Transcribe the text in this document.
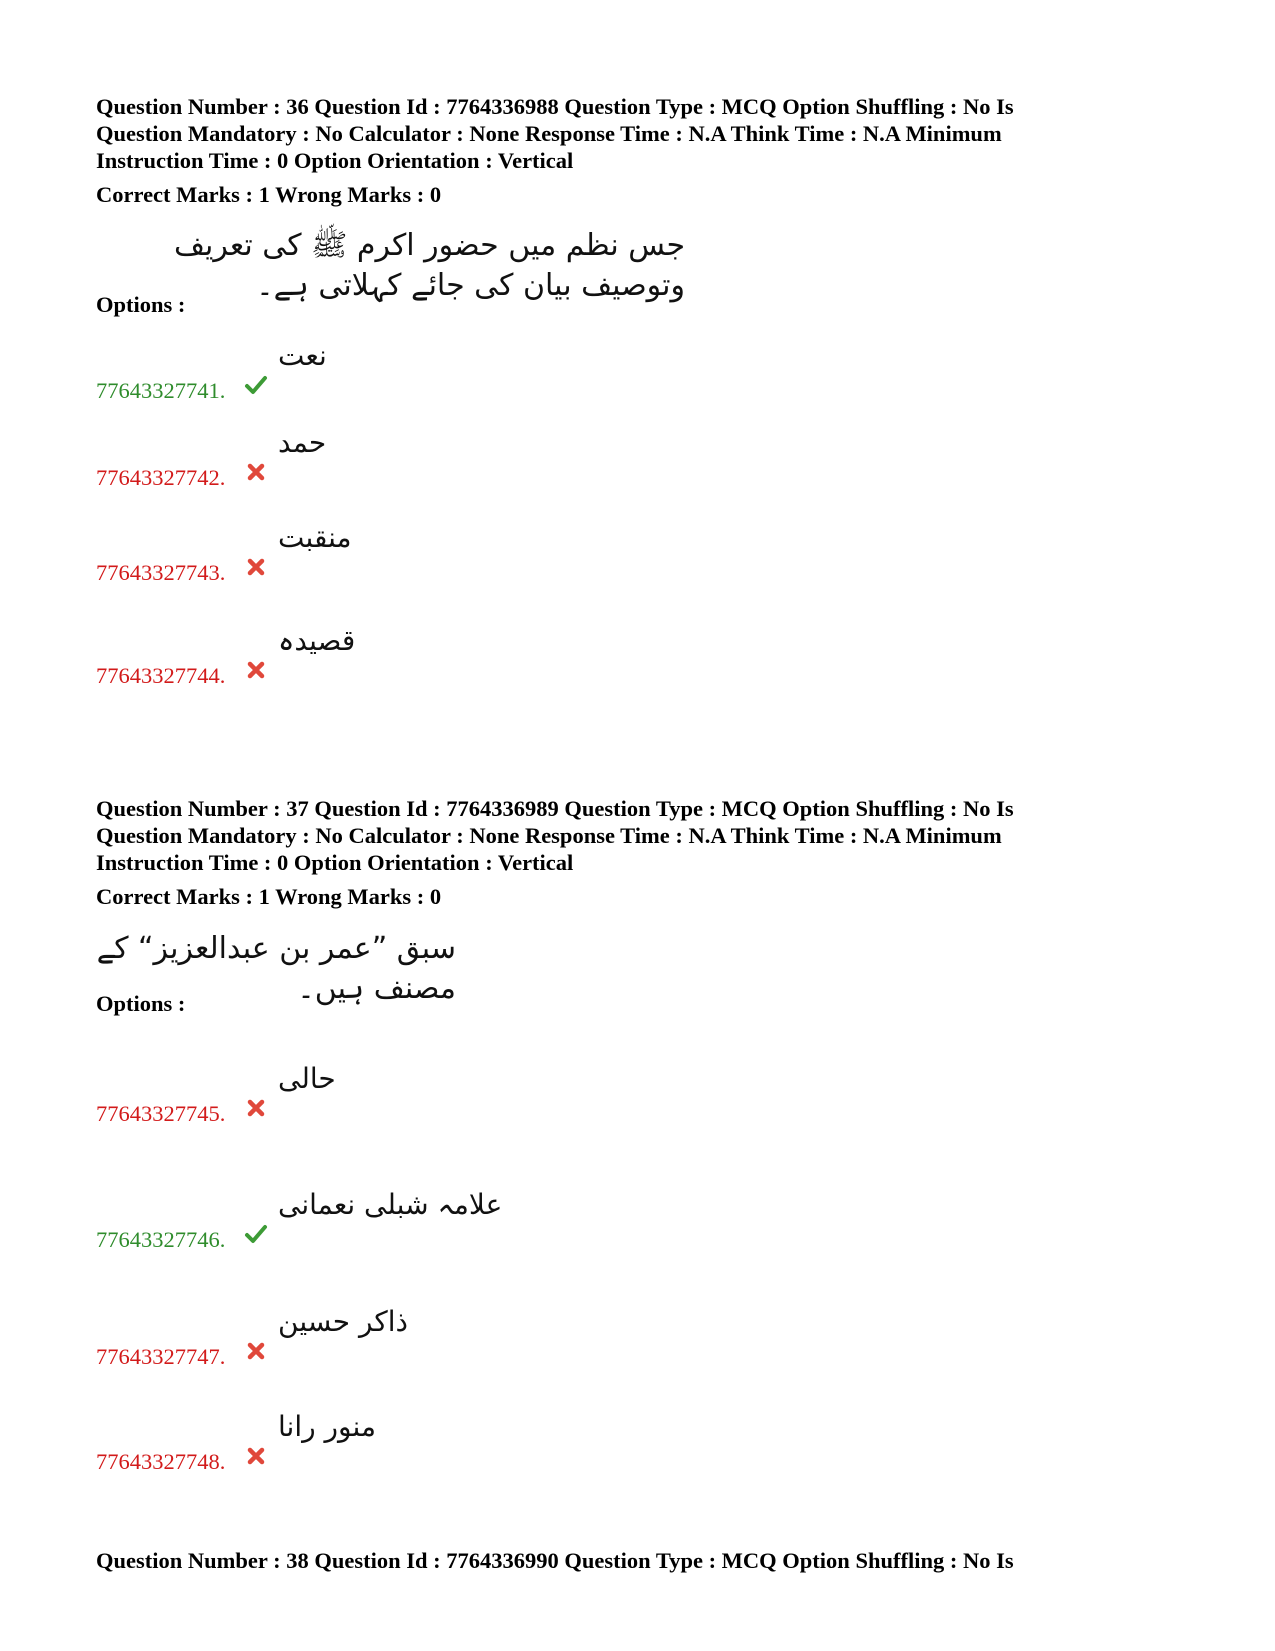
Question Number : 36 Question Id : 7764336988 Question Type : MCQ Option Shuffling : No Is
Question Mandatory : No Calculator : None Response Time : N.A Think Time : N.A Minimum
Instruction Time : 0 Option Orientation : Vertical

Correct Marks : 1 Wrong Marks : 0
جس نظم میں حضور اکرم ﷺ کی تعریف وتوصیف بیان کی جائے کہلاتی ہے۔
Options :
77643327741.
نعت
77643327742.
حمد
77643327743.
منقبت
77643327744.
قصیدہ

Question Number : 37 Question Id : 7764336989 Question Type : MCQ Option Shuffling : No Is
Question Mandatory : No Calculator : None Response Time : N.A Think Time : N.A Minimum
Instruction Time : 0 Option Orientation : Vertical

Correct Marks : 1 Wrong Marks : 0
سبق ”عمر بن عبدالعزیز“ کے مصنف ہیں۔
Options :
77643327745.
حالی
77643327746.
علامہ شبلی نعمانی
77643327747.
ذاکر حسین
77643327748.
منور رانا

Question Number : 38 Question Id : 7764336990 Question Type : MCQ Option Shuffling : No Is
